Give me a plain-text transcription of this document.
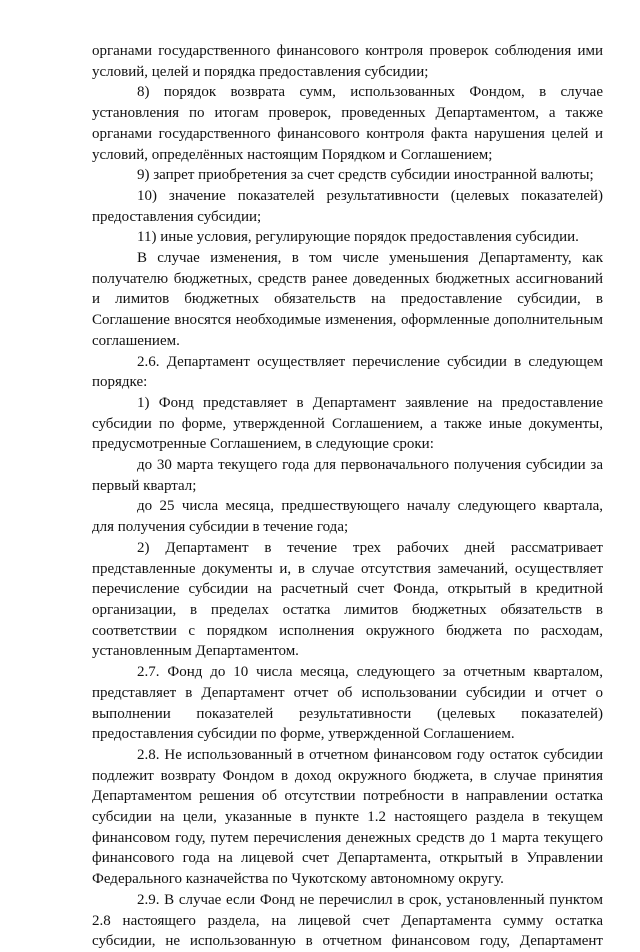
органами государственного финансового контроля проверок соблюдения ими условий, целей и порядка предоставления субсидии;

8) порядок возврата сумм, использованных Фондом, в случае установления по итогам проверок, проведенных Департаментом, а также органами государственного финансового контроля факта нарушения целей и условий, определённых настоящим Порядком и Соглашением;

9) запрет приобретения за счет средств субсидии иностранной валюты;

10) значение показателей результативности (целевых показателей) предоставления субсидии;

11) иные условия, регулирующие порядок предоставления субсидии.

В случае изменения, в том числе уменьшения Департаменту, как получателю бюджетных, средств ранее доведенных бюджетных ассигнований и лимитов бюджетных обязательств на предоставление субсидии, в Соглашение вносятся необходимые изменения, оформленные дополнительным соглашением.

2.6. Департамент осуществляет перечисление субсидии в следующем порядке:

1) Фонд представляет в Департамент заявление на предоставление субсидии по форме, утвержденной Соглашением, а также иные документы, предусмотренные Соглашением, в следующие сроки:

до 30 марта текущего года для первоначального получения субсидии за первый квартал;

до 25 числа месяца, предшествующего началу следующего квартала, для получения субсидии в течение года;

2) Департамент в течение трех рабочих дней рассматривает представленные документы и, в случае отсутствия замечаний, осуществляет перечисление субсидии на расчетный счет Фонда, открытый в кредитной организации, в пределах остатка лимитов бюджетных обязательств в соответствии с порядком исполнения окружного бюджета по расходам, установленным Департаментом.

2.7. Фонд до 10 числа месяца, следующего за отчетным кварталом, представляет в Департамент отчет об использовании субсидии и отчет о выполнении показателей результативности (целевых показателей) предоставления субсидии по форме, утвержденной Соглашением.

2.8. Не использованный в отчетном финансовом году остаток субсидии подлежит возврату Фондом в доход окружного бюджета, в случае принятия Департаментом решения об отсутствии потребности в направлении остатка субсидии на цели, указанные в пункте 1.2 настоящего раздела в текущем финансовом году, путем перечисления денежных средств до 1 марта текущего финансового года на лицевой счет Департамента, открытый в Управлении Федерального казначейства по Чукотскому автономному округу.

2.9. В случае если Фонд не перечислил в срок, установленный пунктом 2.8 настоящего раздела, на лицевой счет Департамента сумму остатка субсидии, не использованную в отчетном финансовом году, Департамент
